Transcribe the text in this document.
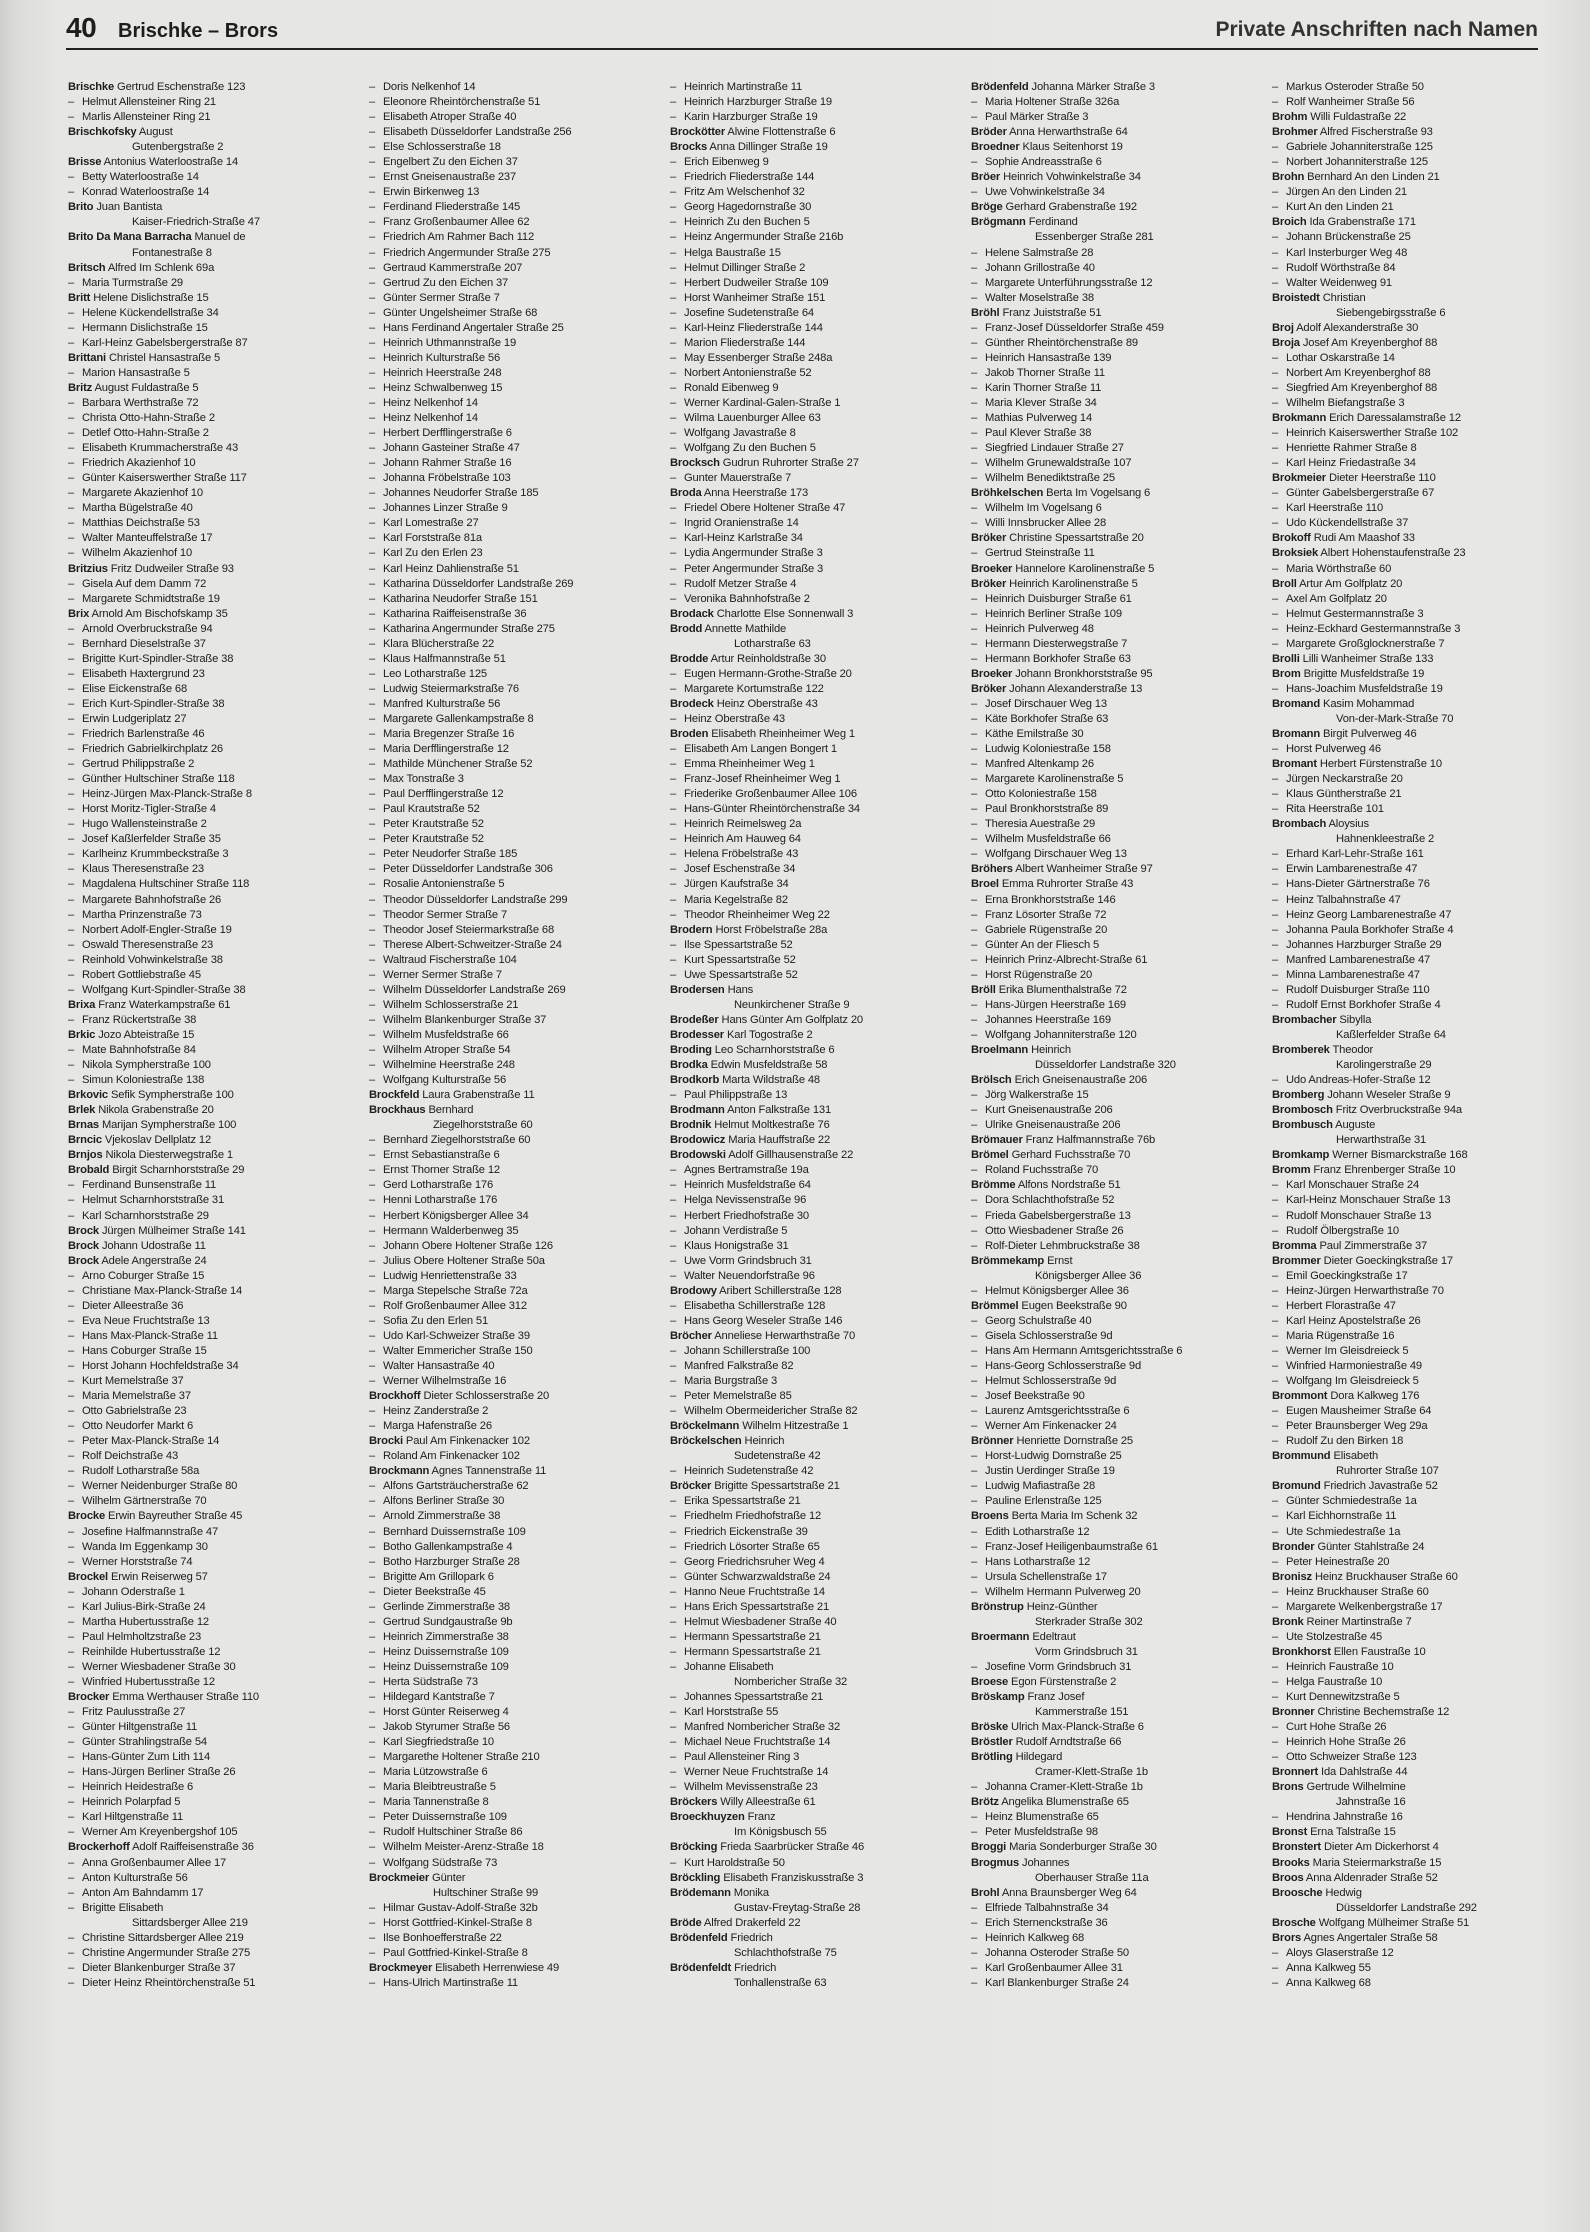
40 Brischke – Brors	Private Anschriften nach Namen
Brischke Gertrud Eschenstraße 123
– Helmut Allensteiner Ring 21
– Marlis Allensteiner Ring 21
Brischkofsky August
Gutenbergstraße 2
Brisse Antonius Waterloostraße 14
– Betty Waterloostraße 14
– Konrad Waterloostraße 14
Brito Juan Bantista
Kaiser-Friedrich-Straße 47
Brito Da Mana Barracha Manuel de
Fontanestraße 8
Britsch Alfred Im Schlenk 69a
– Maria Turmstraße 29
Britt Helene Dislichstraße 15
– Helene Kückendellstraße 34
– Hermann Dislichstraße 15
– Karl-Heinz Gabelsbergerstraße 87
Brittani Christel Hansastraße 5
– Marion Hansastraße 5
Britz August Fuldastraße 5
– Barbara Werthstraße 72
– Christa Otto-Hahn-Straße 2
– Detlef Otto-Hahn-Straße 2
– Elisabeth Krummacherstraße 43
– Friedrich Akazienhof 10
– Günter Kaiserswerther Straße 117
– Margarete Akazienhof 10
– Martha Bügelstraße 40
– Matthias Deichstraße 53
– Walter Manteuffelstraße 17
– Wilhelm Akazienhof 10
Britzius Fritz Dudweiler Straße 93
– Gisela Auf dem Damm 72
– Margarete Schmidtstraße 19
Brix Arnold Am Bischofskamp 35
– Arnold Overbruckstraße 94
– Bernhard Dieselstraße 37
– Brigitte Kurt-Spindler-Straße 38
– Elisabeth Haxtergrund 23
– Elise Eickenstraße 68
– Erich Kurt-Spindler-Straße 38
– Erwin Ludgeriplatz 27
– Friedrich Barlenstraße 46
– Friedrich Gabrielkirchplatz 26
– Gertrud Philippstraße 2
– Günther Hultschiner Straße 118
– Heinz-Jürgen Max-Planck-Straße 8
– Horst Moritz-Tigler-Straße 4
– Hugo Wallensteinstraße 2
– Josef Kaßlerfelder Straße 35
– Karlheinz Krummbeckstraße 3
– Klaus Theresenstraße 23
– Magdalena Hultschiner Straße 118
– Margarete Bahnhofstraße 26
– Martha Prinzenstraße 73
– Norbert Adolf-Engler-Straße 19
– Oswald Theresenstraße 23
– Reinhold Vohwinkelstraße 38
– Robert Gottliebstraße 45
– Wolfgang Kurt-Spindler-Straße 38
Brixa Franz Waterkampstraße 61
– Franz Rückertstraße 38
Brkic Jozo Abteistraße 15
– Mate Bahnhofstraße 84
– Nikola Sympherstraße 100
– Simun Koloniestraße 138
Brkovic Sefik Sympherstraße 100
Brlek Nikola Grabenstraße 20
Brnas Marijan Sympherstraße 100
Brncic Vjekoslav Dellplatz 12
Brnjos Nikola Diesterwegstraße 1
Brobald Birgit Scharnhorststraße 29
– Ferdinand Bunsenstraße 11
– Helmut Scharnhorststraße 31
– Karl Scharnhorststraße 29
Brock Jürgen Mülheimer Straße 141
Brock Johann Udostraße 11
Brock Adele Angerstraße 24
– Arno Coburger Straße 15
– Christiane Max-Planck-Straße 14
– Dieter Alleestraße 36
– Eva Neue Fruchtstraße 13
– Hans Max-Planck-Straße 11
– Hans Coburger Straße 15
– Horst Johann Hochfeldstraße 34
– Kurt Memelstraße 37
– Maria Memelstraße 37
– Otto Gabrielstraße 23
– Otto Neudorfer Markt 6
– Peter Max-Planck-Straße 14
– Rolf Deichstraße 43
– Rudolf Lotharstraße 58a
– Werner Neidenburger Straße 80
– Wilhelm Gärtnerstraße 70
Brocke Erwin Bayreuther Straße 45
– Josefine Halfmannstraße 47
– Wanda Im Eggenkamp 30
– Werner Horststraße 74
Brockel Erwin Reiserweg 57
– Johann Oderstraße 1
– Karl Julius-Birk-Straße 24
– Martha Hubertusstraße 12
– Paul Helmholtzstraße 23
– Reinhilde Hubertusstraße 12
– Werner Wiesbadener Straße 30
– Winfried Hubertusstraße 12
Brocker Emma Werthauser Straße 110
– Fritz Paulusstraße 27
– Günter Hiltgenstraße 11
– Günter Strahlingstraße 54
– Hans-Günter Zum Lith 114
– Hans-Jürgen Berliner Straße 26
– Heinrich Heidestraße 6
– Heinrich Polarpfad 5
– Karl Hiltgenstraße 11
– Werner Am Kreyenbergshof 105
Brockerhoff Adolf Raiffeisenstraße 36
– Anna Großenbaumer Allee 17
– Anton Kulturstraße 56
– Anton Am Bahndamm 17
– Brigitte Elisabeth
Sittardsberger Allee 219
– Christine Sittardsberger Allee 219
– Christine Angermunder Straße 275
– Dieter Blankenburger Straße 37
– Dieter Heinz Rheintörchenstraße 51
– Doris Nelkenhof 14
– Eleonore Rheintörchenstraße 51
– Elisabeth Atroper Straße 40
– Elisabeth Düsseldorfer Landstraße 256
– Else Schlosserstraße 18
– Engelbert Zu den Eichen 37
– Ernst Gneisenaustraße 237
– Erwin Birkenweg 13
– Ferdinand Fliederstraße 145
– Franz Großenbaumer Allee 62
– Friedrich Am Rahmer Bach 112
– Friedrich Angermunder Straße 275
– Gertraud Kammerstraße 207
– Gertrud Zu den Eichen 37
– Günter Sermer Straße 7
– Günter Ungelsheimer Straße 68
– Hans Ferdinand Angertaler Straße 25
– Heinrich Uthmannstraße 19
– Heinrich Kulturstraße 56
– Heinrich Heerstraße 248
– Heinz Schwalbenweg 15
– Heinz Nelkenhof 14
– Heinz Nelkenhof 14
– Herbert Derfflingerstraße 6
– Johann Gasteiner Straße 47
– Johann Rahmer Straße 16
– Johanna Fröbelstraße 103
– Johannes Neudorfer Straße 185
– Johannes Linzer Straße 9
– Karl Lomestraße 27
– Karl Forststraße 81a
– Karl Zu den Erlen 23
– Karl Heinz Dahlienstraße 51
– Katharina Düsseldorfer Landstraße 269
– Katharina Neudorfer Straße 151
– Katharina Raiffeisenstraße 36
– Katharina Angermunder Straße 275
– Klara Blücherstraße 22
– Klaus Halfmannstraße 51
– Leo Lotharstraße 125
– Ludwig Steiermarkstraße 76
– Manfred Kulturstraße 56
– Margarete Gallenkampstraße 8
– Maria Bregenzer Straße 16
– Maria Derfflingerstraße 12
– Mathilde Münchener Straße 52
– Max Tonstraße 3
– Paul Derfflingerstraße 12
– Paul Krautstraße 52
– Peter Krautstraße 52
– Peter Krautstraße 52
– Peter Neudorfer Straße 185
– Peter Düsseldorfer Landstraße 306
– Rosalie Antonienstraße 5
– Theodor Düsseldorfer Landstraße 299
– Theodor Sermer Straße 7
– Theodor Josef Steiermarkstraße 68
– Therese Albert-Schweitzer-Straße 24
– Waltraud Fischerstraße 104
– Werner Sermer Straße 7
– Wilhelm Düsseldorfer Landstraße 269
– Wilhelm Schlosserstraße 21
– Wilhelm Blankenburger Straße 37
– Wilhelm Musfeldstraße 66
– Wilhelm Atroper Straße 54
– Wilhelmine Heerstraße 248
– Wolfgang Kulturstraße 56
Brockfeld Laura Grabenstraße 11
Brockhaus Bernhard
Ziegelhorststraße 60
– Bernhard Ziegelhorststraße 60
– Ernst Sebastianstraße 6
– Ernst Thorner Straße 12
– Gerd Lotharstraße 176
– Henni Lotharstraße 176
– Herbert Königsberger Allee 34
– Hermann Walderbenweg 35
– Johann Obere Holtener Straße 126
– Julius Obere Holtener Straße 50a
– Ludwig Henriettenstraße 33
– Marga Stepelsche Straße 72a
– Rolf Großenbaumer Allee 312
– Sofia Zu den Erlen 51
– Udo Karl-Schweizer Straße 39
– Walter Emmericher Straße 150
– Walter Hansastraße 40
– Werner Wilhelmstraße 16
Brockhoff Dieter Schlosserstraße 20
– Heinz Zanderstraße 2
– Marga Hafenstraße 26
Brocki Paul Am Finkenacker 102
– Roland Am Finkenacker 102
Brockmann Agnes Tannenstraße 11
– Alfons Gartsträucherstraße 62
– Alfons Berliner Straße 30
– Arnold Zimmerstraße 38
– Bernhard Duissernstraße 109
– Botho Gallenkampstraße 4
– Botho Harzburger Straße 28
– Brigitte Am Grillopark 6
– Dieter Beekstraße 45
– Gerlinde Zimmerstraße 38
– Gertrud Sundgaustraße 9b
– Heinrich Zimmerstraße 38
– Heinz Duissernstraße 109
– Heinz Duissernstraße 109
– Herta Südstraße 73
– Hildegard Kantstraße 7
– Horst Günter Reiserweg 4
– Jakob Styrumer Straße 56
– Karl Siegfriedstraße 10
– Margarethe Holtener Straße 210
– Maria Lützowstraße 6
– Maria Bleibtreustraße 5
– Maria Tannenstraße 8
– Peter Duissernstraße 109
– Rudolf Hultschiner Straße 86
– Wilhelm Meister-Arenz-Straße 18
– Wolfgang Südstraße 73
Brockmeier Günter
Hultschiner Straße 99
– Hilmar Gustav-Adolf-Straße 32b
– Horst Gottfried-Kinkel-Straße 8
– Ilse Bonhoefferstraße 22
– Paul Gottfried-Kinkel-Straße 8
Brockmeyer Elisabeth Herrenwiese 49
– Hans-Ulrich Martinstraße 11
– Heinrich Martinstraße 11
– Heinrich Harzburger Straße 19
– Karin Harzburger Straße 19
Brockötter Alwine Flottenstraße 6
Brocks Anna Dillinger Straße 19
– Erich Eibenweg 9
– Friedrich Fliederstraße 144
– Fritz Am Welschenhof 32
– Georg Hagedornstraße 30
– Heinrich Zu den Buchen 5
– Heinz Angermunder Straße 216b
– Helga Baustraße 15
– Helmut Dillinger Straße 2
– Herbert Dudweiler Straße 109
– Horst Wanheimer Straße 151
– Josefine Sudetenstraße 64
– Karl-Heinz Fliederstraße 144
– Marion Fliederstraße 144
– May Essenberger Straße 248a
– Norbert Antonienstraße 52
– Ronald Eibenweg 9
– Werner Kardinal-Galen-Straße 1
– Wilma Lauenburger Allee 63
– Wolfgang Javastraße 8
– Wolfgang Zu den Buchen 5
Brocksch Gudrun Ruhrorter Straße 27
– Gunter Mauerstraße 7
Broda Anna Heerstraße 173
– Friedel Obere Holtener Straße 47
– Ingrid Oranienstraße 14
– Karl-Heinz Karlstraße 34
– Lydia Angermunder Straße 3
– Peter Angermunder Straße 3
– Rudolf Metzer Straße 4
– Veronika Bahnhofstraße 2
Brodack Charlotte Else Sonnenwall 3
Brodd Annette Mathilde
Lotharstraße 63
Brodde Artur Reinholdstraße 30
– Eugen Hermann-Grothe-Straße 20
– Margarete Kortumstraße 122
Brodeck Heinz Oberstraße 43
– Heinz Oberstraße 43
Broden Elisabeth Rheinheimer Weg 1
– Elisabeth Am Langen Bongert 1
– Emma Rheinheimer Weg 1
– Franz-Josef Rheinheimer Weg 1
– Friederike Großenbaumer Allee 106
– Hans-Günter Rheintörchenstraße 34
– Heinrich Reimelsweg 2a
– Heinrich Am Hauweg 64
– Helena Fröbelstraße 43
– Josef Eschenstraße 34
– Jürgen Kaufstraße 34
– Maria Kegelstraße 82
– Theodor Rheinheimer Weg 22
Brodern Horst Fröbelstraße 28a
– Ilse Spessartstraße 52
– Kurt Spessartstraße 52
– Uwe Spessartstraße 52
Brodersen Hans
Neunkirchener Straße 9
Brodeßer Hans Günter Am Golfplatz 20
Brodesser Karl Togostraße 2
Broding Leo Scharnhorststraße 6
Brodka Edwin Musfeldstraße 58
Brodkorb Marta Wildstraße 48
– Paul Philippstraße 13
Brodmann Anton Falkstraße 131
Brodnik Helmut Moltkestraße 76
Brodowicz Maria Hauffstraße 22
Brodowski Adolf Gillhausenstraße 22
– Agnes Bertramstraße 19a
– Heinrich Musfeldstraße 64
– Helga Nevissenstraße 96
– Herbert Friedhofstraße 30
– Johann Verdistraße 5
– Klaus Honigstraße 31
– Uwe Vorm Grindsbruch 31
– Walter Neuendorfstraße 96
Brodowy Aribert Schillerstraße 128
– Elisabetha Schillerstraße 128
– Hans Georg Weseler Straße 146
Bröcher Anneliese Herwarthstraße 70
– Johann Schillerstraße 100
– Manfred Falkstraße 82
– Maria Burgstraße 3
– Peter Memelstraße 85
– Wilhelm Obermeidericher Straße 82
Bröckelmann Wilhelm Hitzestraße 1
Bröckelschen Heinrich
Sudetenstraße 42
– Heinrich Sudetenstraße 42
Bröcker Brigitte Spessartstraße 21
– Erika Spessartstraße 21
– Friedhelm Friedhofstraße 12
– Friedrich Eickenstraße 39
– Friedrich Lösorter Straße 65
– Georg Friedrichsruher Weg 4
– Günter Schwarzwaldstraße 24
– Hanno Neue Fruchtstraße 14
– Hans Erich Spessartstraße 21
– Helmut Wiesbadener Straße 40
– Hermann Spessartstraße 21
– Hermann Spessartstraße 21
– Johanne Elisabeth
Nombericher Straße 32
– Johannes Spessartstraße 21
– Karl Horststraße 55
– Manfred Nombericher Straße 32
– Michael Neue Fruchtstraße 14
– Paul Allensteiner Ring 3
– Werner Neue Fruchtstraße 14
– Wilhelm Mevissenstraße 23
Bröckers Willy Alleestraße 61
Broeckhuyzen Franz
Im Königsbusch 55
Bröcking Frieda Saarbrücker Straße 46
– Kurt Haroldstraße 50
Bröckling Elisabeth Franziskusstraße 3
Brödemann Monika
Gustav-Freytag-Straße 28
Bröde Alfred Drakerfeld 22
Brödenfeld Friedrich
Schlachthofstraße 75
Brödenfeldt Friedrich
Tonhallenstraße 63
Brödenfeld Johanna Märker Straße 3
– Maria Holtener Straße 326a
– Paul Märker Straße 3
Bröder Anna Herwarthstraße 64
Broedner Klaus Seitenhorst 19
– Sophie Andreasstraße 6
Bröer Heinrich Vohwinkelstraße 34
– Uwe Vohwinkelstraße 34
Bröge Gerhard Grabenstraße 192
Brögmann Ferdinand
Essenberger Straße 281
– Helene Salmstraße 28
– Johann Grillostraße 40
– Margarete Unterführungsstraße 12
– Walter Moselstraße 38
Bröhl Franz Juiststraße 51
– Franz-Josef Düsseldorfer Straße 459
– Günther Rheintörchenstraße 89
– Heinrich Hansastraße 139
– Jakob Thorner Straße 11
– Karin Thorner Straße 11
– Maria Klever Straße 34
– Mathias Pulverweg 14
– Paul Klever Straße 38
– Siegfried Lindauer Straße 27
– Wilhelm Grunewaldstraße 107
– Wilhelm Benediktstraße 25
Bröhkelschen Berta Im Vogelsang 6
– Wilhelm Im Vogelsang 6
– Willi Innsbrucker Allee 28
Bröker Christine Spessartstraße 20
– Gertrud Steinstraße 11
Broeker Hannelore Karolinenstraße 5
Bröker Heinrich Karolinenstraße 5
– Heinrich Duisburger Straße 61
– Heinrich Berliner Straße 109
– Heinrich Pulverweg 48
– Hermann Diesterwegstraße 7
– Hermann Borkhofer Straße 63
Broeker Johann Bronkhorststraße 95
Bröker Johann Alexanderstraße 13
– Josef Dirschauer Weg 13
– Käte Borkhofer Straße 63
– Käthe Emilstraße 30
– Ludwig Koloniestraße 158
– Manfred Altenkamp 26
– Margarete Karolinenstraße 5
– Otto Koloniestraße 158
– Paul Bronkhorststraße 89
– Theresia Auestraße 29
– Wilhelm Musfeldstraße 66
– Wolfgang Dirschauer Weg 13
Bröhers Albert Wanheimer Straße 97
Broel Emma Ruhrorter Straße 43
– Erna Bronkhorststraße 146
– Franz Lösorter Straße 72
– Gabriele Rügenstraße 20
– Günter An der Fliesch 5
– Heinrich Prinz-Albrecht-Straße 61
– Horst Rügenstraße 20
Bröll Erika Blumenthalstraße 72
– Hans-Jürgen Heerstraße 169
– Johannes Heerstraße 169
– Wolfgang Johanniterstraße 120
Broelmann Heinrich
Düsseldorfer Landstraße 320
Brölsch Erich Gneisenaustraße 206
– Jörg Walkerstraße 15
– Kurt Gneisenaustraße 206
– Ulrike Gneisenaustraße 206
Brömauer Franz Halfmannstraße 76b
Brömel Gerhard Fuchsstraße 70
– Roland Fuchsstraße 70
Brömme Alfons Nordstraße 51
– Dora Schlachthofstraße 52
– Frieda Gabelsbergerstraße 13
– Otto Wiesbadener Straße 26
– Rolf-Dieter Lehmbruckstraße 38
Brömmekamp Ernst
Königsberger Allee 36
– Helmut Königsberger Allee 36
Brömmel Eugen Beekstraße 90
– Georg Schulstraße 40
– Gisela Schlosserstraße 9d
– Hans Am Hermann Amtsgerichtsstraße 6
– Hans-Georg Schlosserstraße 9d
– Helmut Schlosserstraße 9d
– Josef Beekstraße 90
– Laurenz Amtsgerichtsstraße 6
– Werner Am Finkenacker 24
Brönner Henriette Dornstraße 25
– Horst-Ludwig Dornstraße 25
– Justin Uerdinger Straße 19
– Ludwig Mafiastraße 28
– Pauline Erlenstraße 125
Broens Berta Maria Im Schenk 32
– Edith Lotharstraße 12
– Franz-Josef Heiligenbaumstraße 61
– Hans Lotharstraße 12
– Ursula Schellenstraße 17
– Wilhelm Hermann Pulverweg 20
Brönstrup Heinz-Günther
Sterkrader Straße 302
Broermann Edeltraut
Vorm Grindsbruch 31
– Josefine Vorm Grindsbruch 31
Broese Egon Fürstenstraße 2
Bröskamp Franz Josef
Kammerstraße 151
Bröske Ulrich Max-Planck-Straße 6
Bröstler Rudolf Arndtstraße 66
Brötling Hildegard
Cramer-Klett-Straße 1b
– Johanna Cramer-Klett-Straße 1b
Brötz Angelika Blumenstraße 65
– Heinz Blumenstraße 65
– Peter Musfeldstraße 98
Broggi Maria Sonderburger Straße 30
Brogmus Johannes
Oberhauser Straße 11a
Brohl Anna Braunsberger Weg 64
– Elfriede Talbahnstraße 34
– Erich Sternenckstraße 36
– Heinrich Kalkweg 68
– Johanna Osteroder Straße 50
– Karl Großenbaumer Allee 31
– Karl Blankenburger Straße 24
– Markus Osteroder Straße 50
– Rolf Wanheimer Straße 56
Brohm Willi Fuldastraße 22
Brohmer Alfred Fischerstraße 93
– Gabriele Johanniterstraße 125
– Norbert Johanniterstraße 125
Brohn Bernhard An den Linden 21
– Jürgen An den Linden 21
– Kurt An den Linden 21
Broich Ida Grabenstraße 171
– Johann Brückenstraße 25
– Karl Insterburger Weg 48
– Rudolf Wörthstraße 84
– Walter Weidenweg 91
Broistedt Christian
Siebengebirgsstraße 6
Broj Adolf Alexanderstraße 30
Broja Josef Am Kreyenberghof 88
– Lothar Oskarstraße 14
– Norbert Am Kreyenberghof 88
– Siegfried Am Kreyenberghof 88
– Wilhelm Biefangstraße 3
Brokmann Erich Daressalamstraße 12
– Heinrich Kaiserswerther Straße 102
– Henriette Rahmer Straße 8
– Karl Heinz Friedastraße 34
Brokmeier Dieter Heerstraße 110
– Günter Gabelsbergerstraße 67
– Karl Heerstraße 110
– Udo Kückendellstraße 37
Brokoff Rudi Am Maashof 33
Broksiek Albert Hohenstaufenstraße 23
– Maria Wörthstraße 60
Broll Artur Am Golfplatz 20
– Axel Am Golfplatz 20
– Helmut Gestermannstraße 3
– Heinz-Eckhard Gestermannstraße 3
– Margarete Großglocknerstraße 7
Brolli Lilli Wanheimer Straße 133
Brom Brigitte Musfeldstraße 19
– Hans-Joachim Musfeldstraße 19
Bromand Kasim Mohammad
Von-der-Mark-Straße 70
Bromann Birgit Pulverweg 46
– Horst Pulverweg 46
Bromant Herbert Fürstenstraße 10
– Jürgen Neckarstraße 20
– Klaus Güntherstraße 21
– Rita Heerstraße 101
Brombach Aloysius
Hahnenkleestraße 2
– Erhard Karl-Lehr-Straße 161
– Erwin Lambarenestraße 47
– Hans-Dieter Gärtnerstraße 76
– Heinz Talbahnstraße 47
– Heinz Georg Lambarenestraße 47
– Johanna Paula Borkhofer Straße 4
– Johannes Harzburger Straße 29
– Manfred Lambarenestraße 47
– Minna Lambarenestraße 47
– Rudolf Duisburger Straße 110
– Rudolf Ernst Borkhofer Straße 4
Brombacher Sibylla
Kaßlerfelder Straße 64
Bromberek Theodor
Karolingerstraße 29
– Udo Andreas-Hofer-Straße 12
Bromberg Johann Weseler Straße 9
Brombosch Fritz Overbruckstraße 94a
Brombusch Auguste
Herwarthstraße 31
Bromkamp Werner Bismarckstraße 168
Bromm Franz Ehrenberger Straße 10
– Karl Monschauer Straße 24
– Karl-Heinz Monschauer Straße 13
– Rudolf Monschauer Straße 13
– Rudolf Ölbergstraße 10
Bromma Paul Zimmerstraße 37
Brommer Dieter Goeckingkstraße 17
– Emil Goeckingkstraße 17
– Heinz-Jürgen Herwarthstraße 70
– Herbert Florastraße 47
– Karl Heinz Apostelstraße 26
– Maria Rügenstraße 16
– Werner Im Gleisdreieck 5
– Winfried Harmoniestraße 49
– Wolfgang Im Gleisdreieck 5
Brommont Dora Kalkweg 176
– Eugen Mausheimer Straße 64
– Peter Braunsberger Weg 29a
– Rudolf Zu den Birken 18
Brommund Elisabeth
Ruhrorter Straße 107
Bromund Friedrich Javastraße 52
– Günter Schmiedestraße 1a
– Karl Eichhornstraße 11
– Ute Schmiedestraße 1a
Bronder Günter Stahlstraße 24
– Peter Heinestraße 20
Bronisz Heinz Bruckhauser Straße 60
– Heinz Bruckhauser Straße 60
– Margarete Welkenbergstraße 17
Bronk Reiner Martinstraße 7
– Ute Stolzestraße 45
Bronkhorst Ellen Faustraße 10
– Heinrich Faustraße 10
– Helga Faustraße 10
– Kurt Dennewitzstraße 5
Bronner Christine Bechemstraße 12
– Curt Hohe Straße 26
– Heinrich Hohe Straße 26
– Otto Schweizer Straße 123
Bronnert Ida Dahlstraße 44
Brons Gertrude Wilhelmine
Jahnstraße 16
– Hendrina Jahnstraße 16
Bronst Erna Talstraße 15
Bronstert Dieter Am Dickerhorst 4
Brooks Maria Steiermarkstraße 15
Broos Anna Aldenrader Straße 52
Broosche Hedwig
Düsseldorfer Landstraße 292
Brosche Wolfgang Mülheimer Straße 51
Brors Agnes Angertaler Straße 58
– Aloys Glaserstraße 12
– Anna Kalkweg 55
– Anna Kalkweg 68
